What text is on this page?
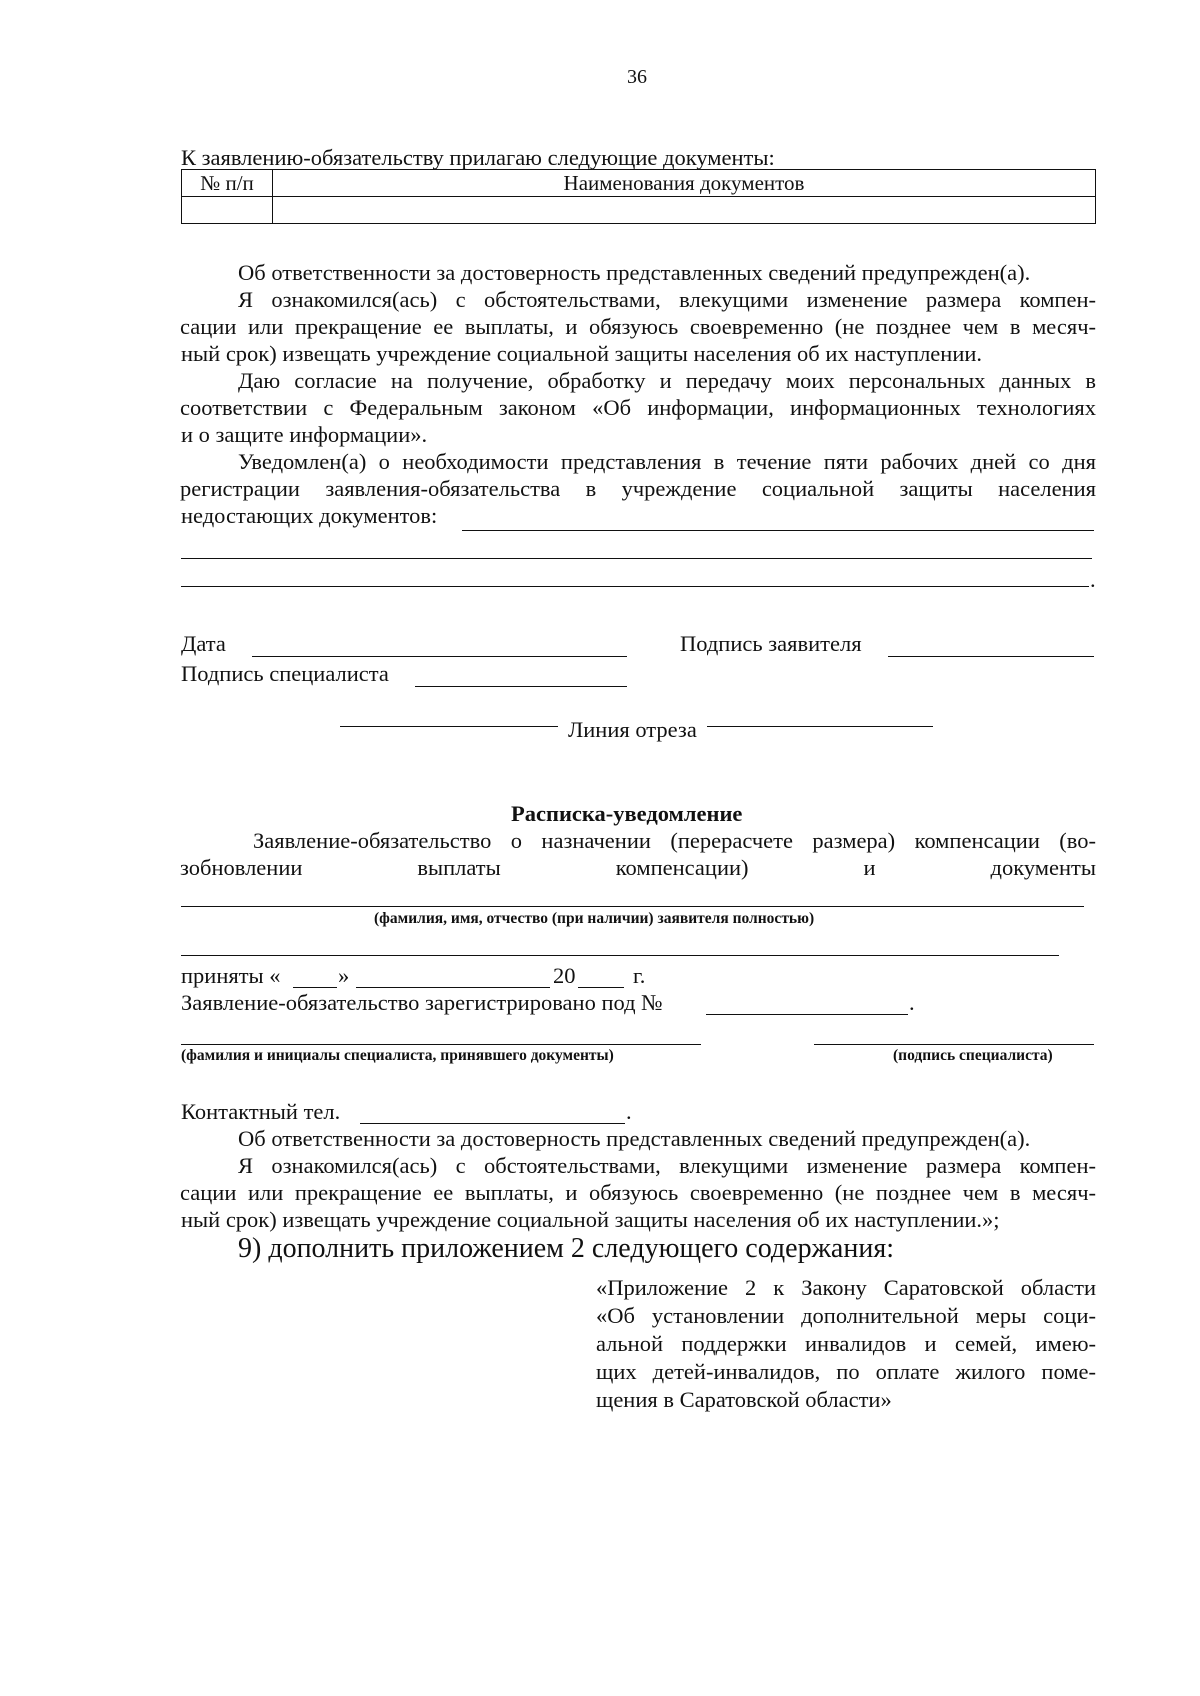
36
К заявлению-обязательству прилагаю следующие документы:
№ п/п	Наименования документов

Об ответственности за достоверность представленных сведений предупрежден(а).
Я ознакомился(ась) с обстоятельствами, влекущими изменение размера компен-
сации или прекращение ее выплаты, и обязуюсь своевременно (не позднее чем в месяч-
ный срок) извещать учреждение социальной защиты населения об их наступлении.
Даю согласие на получение, обработку и передачу моих персональных данных в
соответствии с Федеральным законом «Об информации, информационных технологиях
и о защите информации».
Уведомлен(а) о необходимости представления в течение пяти рабочих дней со дня
регистрации заявления-обязательства в учреждение социальной защиты населения
недостающих документов:
.
Дата	Подпись заявителя
Подпись специалиста
Линия отреза
Расписка-уведомление
Заявление-обязательство о назначении (перерасчете размера) компенсации (во-
зобновлении выплаты компенсации) и документы
(фамилия, имя, отчество (при наличии) заявителя полностью)
приняты «	»	20	г.
Заявление-обязательство зарегистрировано под №	.
(фамилия и инициалы специалиста, принявшего документы)	(подпись специалиста)
Контактный тел.	.
Об ответственности за достоверность представленных сведений предупрежден(а).
Я ознакомился(ась) с обстоятельствами, влекущими изменение размера компен-
сации или прекращение ее выплаты, и обязуюсь своевременно (не позднее чем в месяч-
ный срок) извещать учреждение социальной защиты населения об их наступлении.»;
9) дополнить приложением 2 следующего содержания:
«Приложение 2 к Закону Саратовской области
«Об установлении дополнительной меры соци-
альной поддержки инвалидов и семей, имею-
щих детей-инвалидов, по оплате жилого поме-
щения в Саратовской области»
